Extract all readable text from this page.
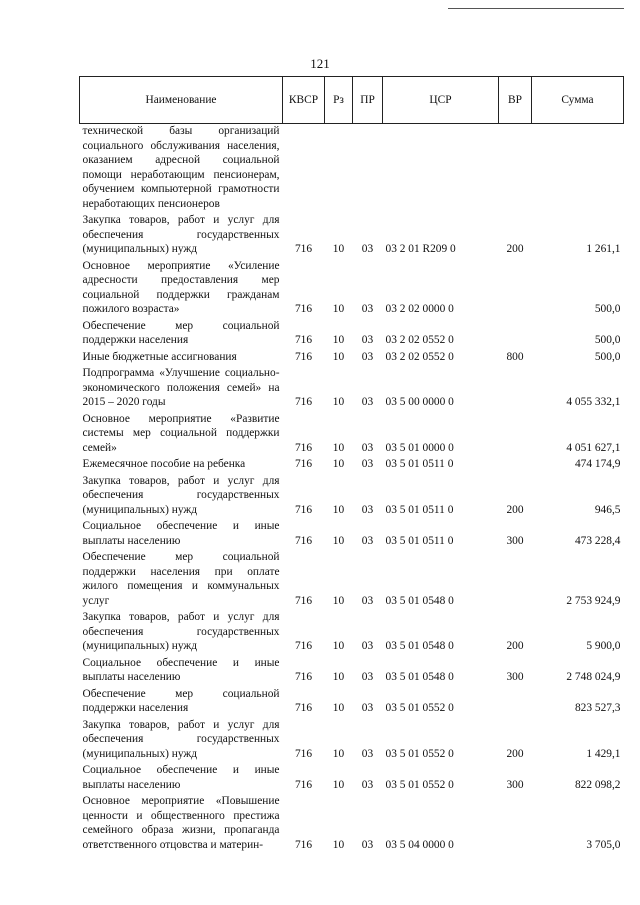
121
Наименование	КВСР	Рз	ПР	ЦСР	ВР	Сумма
технической базы организаций социального обслуживания населения, оказанием адресной социальной помощи неработающим пенсионерам, обучением компьютерной грамотности неработающих пенсионеров						
Закупка товаров, работ и услуг для обеспечения государственных (муниципальных) нужд	716	10	03	03 2 01 R209 0	200	1 261,1
Основное мероприятие «Усиление адресности предоставления мер социальной поддержки гражданам пожилого возраста»	716	10	03	03 2 02 0000 0		500,0
Обеспечение мер социальной поддержки населения	716	10	03	03 2 02 0552 0		500,0
Иные бюджетные ассигнования	716	10	03	03 2 02 0552 0	800	500,0
Подпрограмма «Улучшение социально-экономического положения семей» на 2015 – 2020 годы	716	10	03	03 5 00 0000 0		4 055 332,1
Основное мероприятие «Развитие системы мер социальной поддержки семей»	716	10	03	03 5 01 0000 0		4 051 627,1
Ежемесячное пособие на ребенка	716	10	03	03 5 01 0511 0		474 174,9
Закупка товаров, работ и услуг для обеспечения государственных (муниципальных) нужд	716	10	03	03 5 01 0511 0	200	946,5
Социальное обеспечение и иные выплаты населению	716	10	03	03 5 01 0511 0	300	473 228,4
Обеспечение мер социальной поддержки населения при оплате жилого помещения и коммунальных услуг	716	10	03	03 5 01 0548 0		2 753 924,9
Закупка товаров, работ и услуг для обеспечения государственных (муниципальных) нужд	716	10	03	03 5 01 0548 0	200	5 900,0
Социальное обеспечение и иные выплаты населению	716	10	03	03 5 01 0548 0	300	2 748 024,9
Обеспечение мер социальной поддержки населения	716	10	03	03 5 01 0552 0		823 527,3
Закупка товаров, работ и услуг для обеспечения государственных (муниципальных) нужд	716	10	03	03 5 01 0552 0	200	1 429,1
Социальное обеспечение и иные выплаты населению	716	10	03	03 5 01 0552 0	300	822 098,2
Основное мероприятие «Повышение ценности и общественного престижа семейного образа жизни, пропаганда ответственного отцовства и материн-	716	10	03	03 5 04 0000 0		3 705,0
